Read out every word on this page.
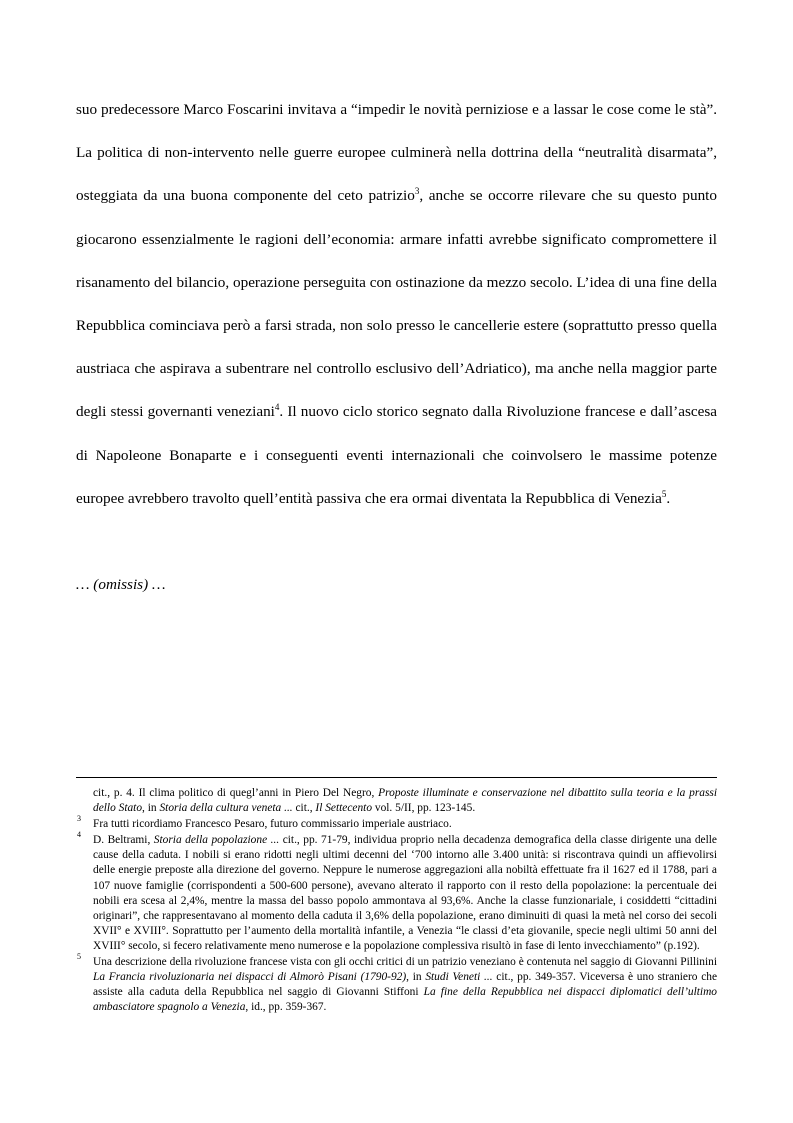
suo predecessore Marco Foscarini invitava a “impedir le novità perniziose e a lassar le cose come le stà”. La politica di non-intervento nelle guerre europee culminerà nella dottrina della “neutralità disarmata”, osteggiata da una buona componente del ceto patrizio$^3$, anche se occorre rilevare che su questo punto giocarono essenzialmente le ragioni dell’economia: armare infatti avrebbe significato compromettere il risanamento del bilancio, operazione perseguita con ostinazione da mezzo secolo. L’idea di una fine della Repubblica cominciava però a farsi strada, non solo presso le cancellerie estere (soprattutto presso quella austriaca che aspirava a subentrare nel controllo esclusivo dell’Adriatico), ma anche nella maggior parte degli stessi governanti veneziani$^4$. Il nuovo ciclo storico segnato dalla Rivoluzione francese e dall’ascesa di Napoleone Bonaparte e i conseguenti eventi internazionali che coinvolsero le massime potenze europee avrebbero travolto quell’entità passiva che era ormai diventata la Repubblica di Venezia$^5$.

… (omissis) …
cit., p. 4. Il clima politico di quegl’anni in Piero Del Negro, Proposte illuminate e conservazione nel dibattito sulla teoria e la prassi dello Stato, in Storia della cultura veneta ... cit., Il Settecento vol. 5/II, pp. 123-145.
3 Fra tutti ricordiamo Francesco Pesaro, futuro commissario imperiale austriaco.
4 D. Beltrami, Storia della popolazione ... cit., pp. 71-79, individua proprio nella decadenza demografica della classe dirigente una delle cause della caduta. I nobili si erano ridotti negli ultimi decenni del ‘700 intorno alle 3.400 unità: si riscontrava quindi un affievolirsi delle energie preposte alla direzione del governo. Neppure le numerose aggregazioni alla nobiltà effettuate fra il 1627 ed il 1788, pari a 107 nuove famiglie (corrispondenti a 500-600 persone), avevano alterato il rapporto con il resto della popolazione: la percentuale dei nobili era scesa al 2,4%, mentre la massa del basso popolo ammontava al 93,6%. Anche la classe funzionariale, i cosiddetti “cittadini originari”, che rappresentavano al momento della caduta il 3,6% della popolazione, erano diminuiti di quasi la metà nel corso dei secoli XVII° e XVIII°. Soprattutto per l’aumento della mortalità infantile, a Venezia “le classi d’eta giovanile, specie negli ultimi 50 anni del XVIII° secolo, si fecero relativamente meno numerose e la popolazione complessiva risultò in fase di lento invecchiamento” (p.192).
5 Una descrizione della rivoluzione francese vista con gli occhi critici di un patrizio veneziano è contenuta nel saggio di Giovanni Pillinini La Francia rivoluzionaria nei dispacci di Almorò Pisani (1790-92), in Studi Veneti ... cit., pp. 349-357. Viceversa è uno straniero che assiste alla caduta della Repubblica nel saggio di Giovanni Stiffoni La fine della Repubblica nei dispacci diplomatici dell’ultimo ambasciatore spagnolo a Venezia, id., pp. 359-367.
